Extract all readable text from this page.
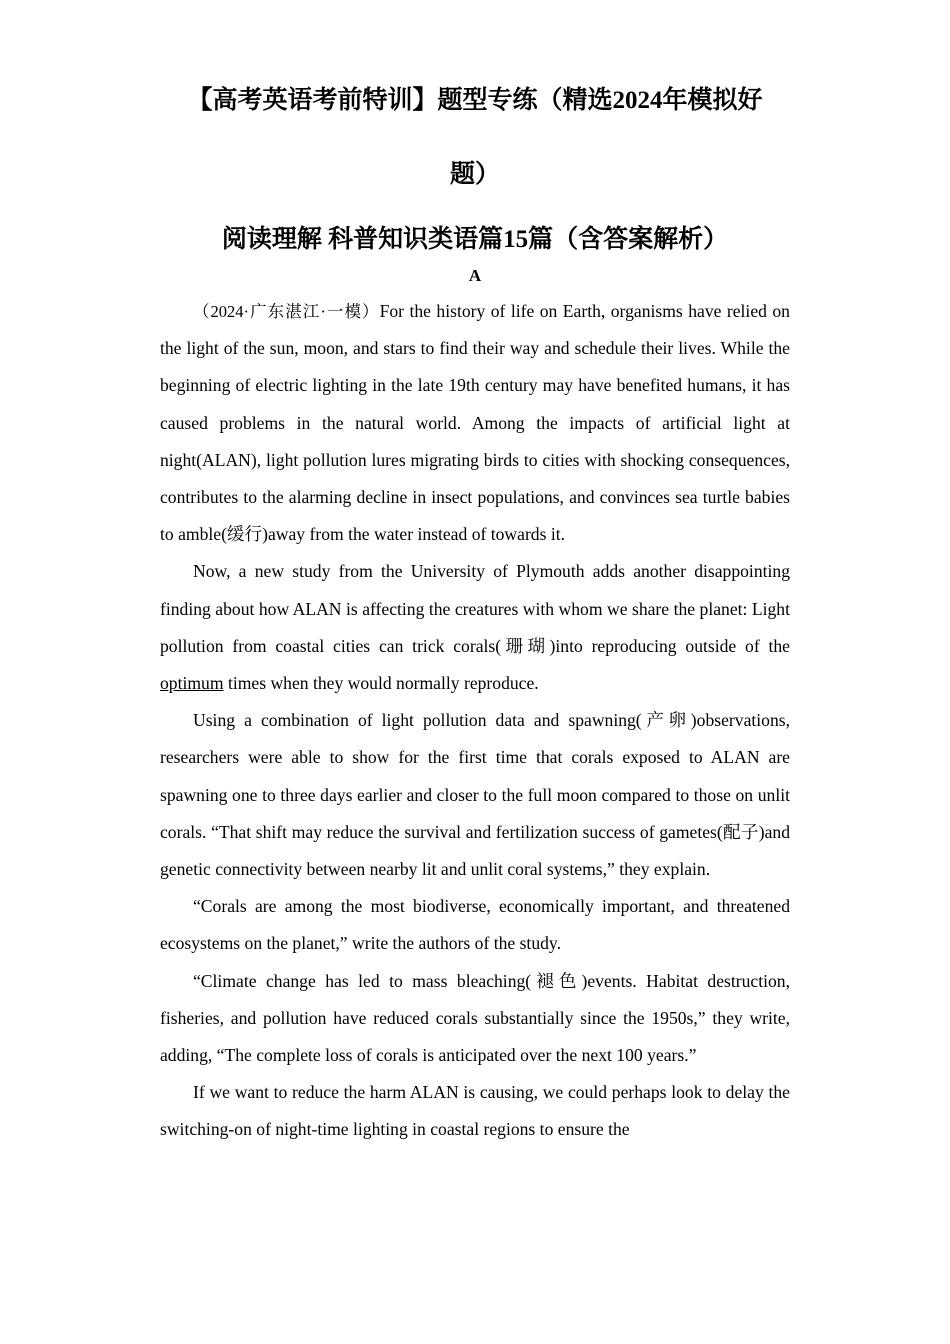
【高考英语考前特训】题型专练（精选2024年模拟好
题）
阅读理解 科普知识类语篇15篇（含答案解析）
A

（2024·广东湛江·一模）For the history of life on Earth, organisms have relied on the light of the sun, moon, and stars to find their way and schedule their lives. While the beginning of electric lighting in the late 19th century may have benefited humans, it has caused problems in the natural world. Among the impacts of artificial light at night(ALAN), light pollution lures migrating birds to cities with shocking consequences, contributes to the alarming decline in insect populations, and convinces sea turtle babies to amble(缓行)away from the water instead of towards it.

Now, a new study from the University of Plymouth adds another disappointing finding about how ALAN is affecting the creatures with whom we share the planet: Light pollution from coastal cities can trick corals(珊瑚)into reproducing outside of the optimum times when they would normally reproduce.

Using a combination of light pollution data and spawning(产卵)observations, researchers were able to show for the first time that corals exposed to ALAN are spawning one to three days earlier and closer to the full moon compared to those on unlit corals. “That shift may reduce the survival and fertilization success of gametes(配子)and genetic connectivity between nearby lit and unlit coral systems,” they explain.

“Corals are among the most biodiverse, economically important, and threatened ecosystems on the planet,” write the authors of the study.

“Climate change has led to mass bleaching(褪色)events. Habitat destruction, fisheries, and pollution have reduced corals substantially since the 1950s,” they write, adding, “The complete loss of corals is anticipated over the next 100 years.”

If we want to reduce the harm ALAN is causing, we could perhaps look to delay the switching-on of night-time lighting in coastal regions to ensure the
